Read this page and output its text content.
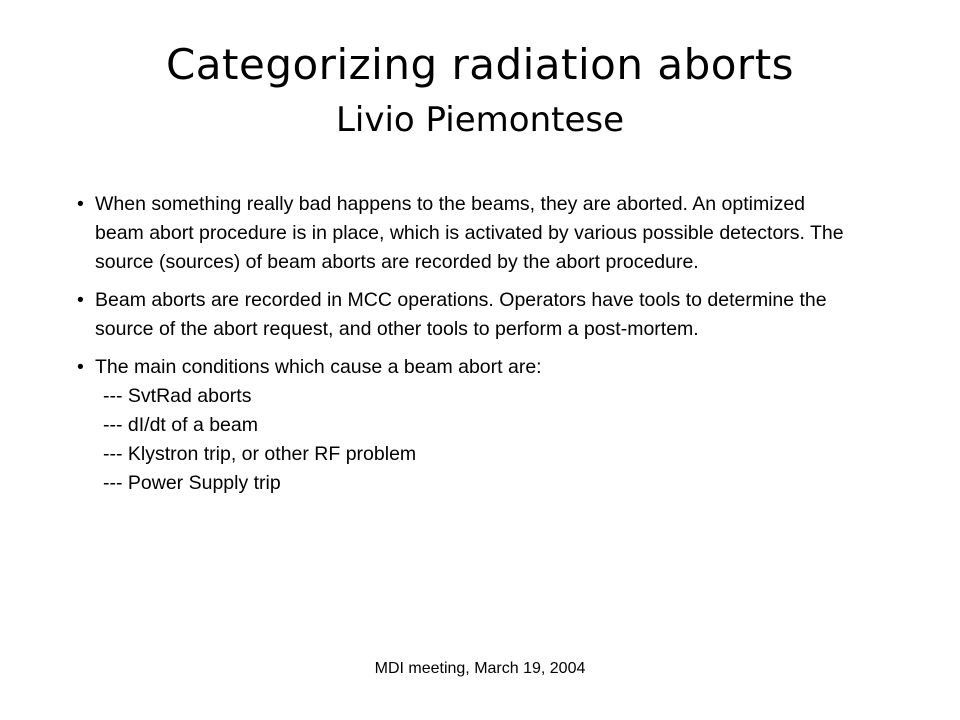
Categorizing radiation aborts
Livio Piemontese
• When something really bad happens to the beams, they are aborted. An optimized beam abort procedure is in place, which is activated by various possible detectors. The source (sources) of beam aborts are recorded by the abort procedure.
• Beam aborts are recorded in MCC operations. Operators have tools to determine the source of the abort request, and other tools to perform a post-mortem.
• The main conditions which cause a beam abort are:
--- SvtRad aborts
--- dI/dt of a beam
--- Klystron trip, or other RF problem
--- Power Supply trip
MDI meeting, March 19, 2004
